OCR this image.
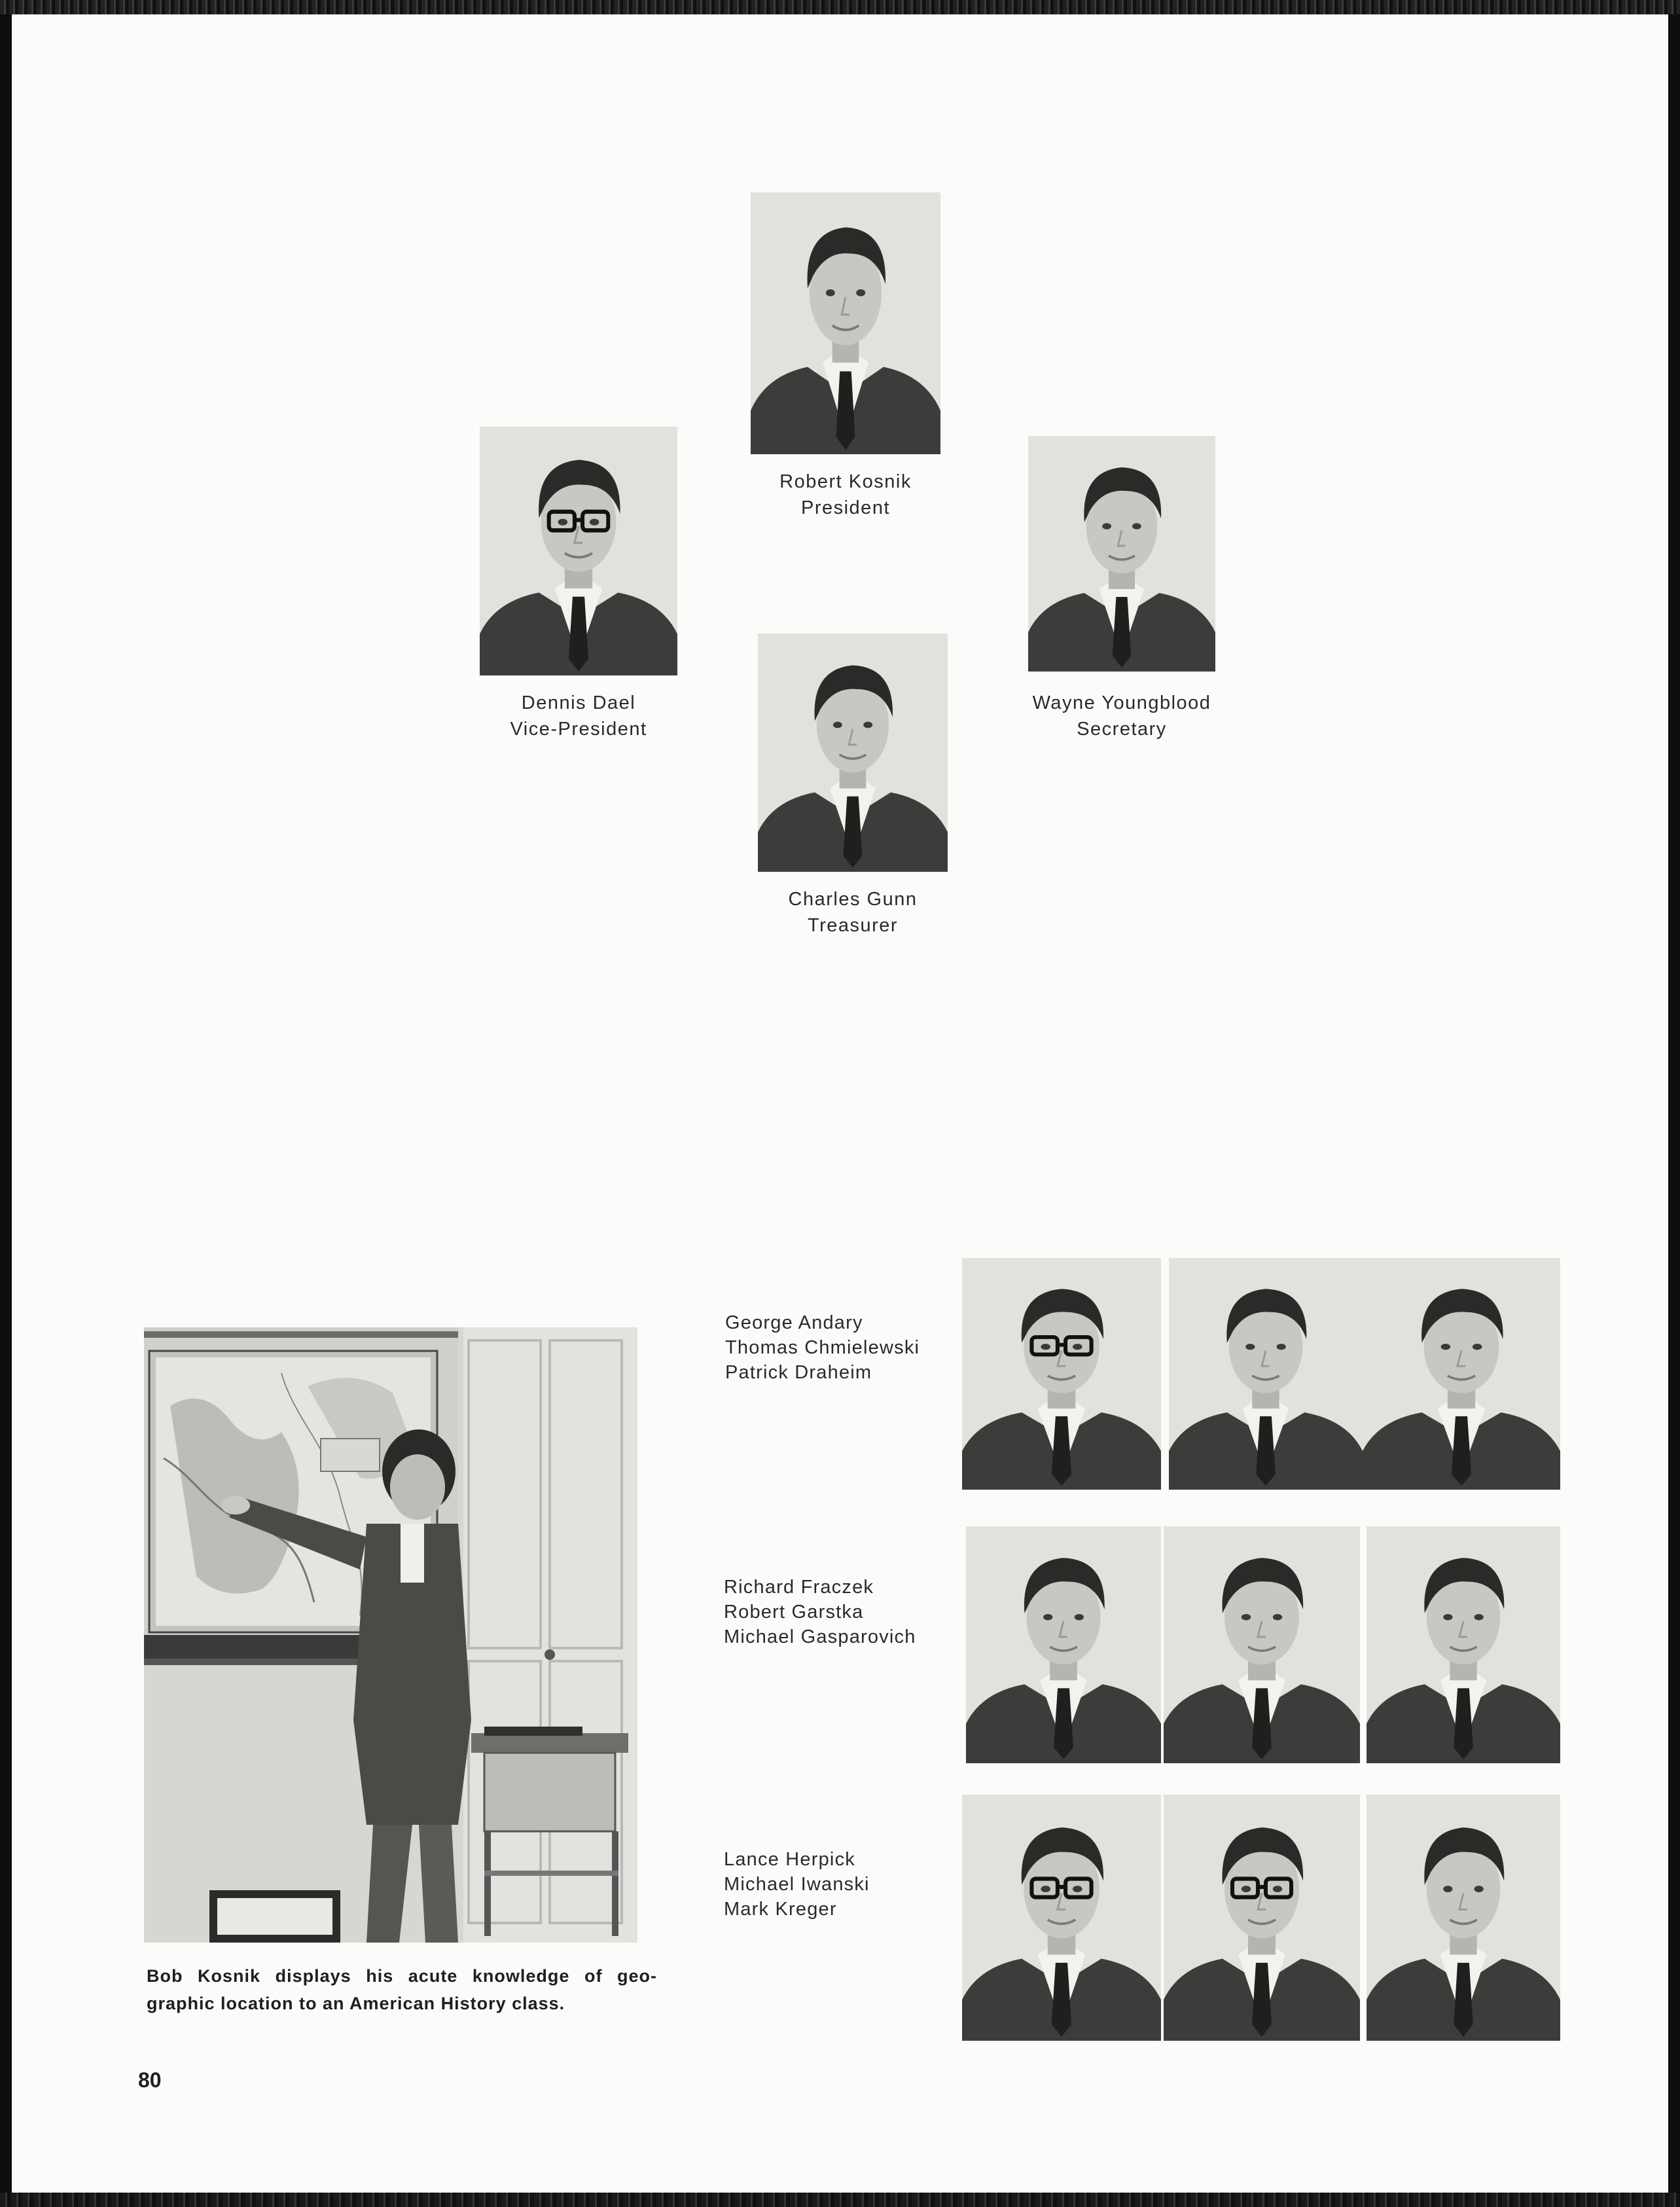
Robert Kosnik
President
Dennis Dael
Vice-President
Wayne Youngblood
Secretary
Charles Gunn
Treasurer
George Andary
Thomas Chmielewski
Patrick Draheim
Richard Fraczek
Robert Garstka
Michael Gasparovich
Lance Herpick
Michael Iwanski
Mark Kreger
Bob Kosnik displays his acute knowledge of geo-
graphic location to an American History class.
80
